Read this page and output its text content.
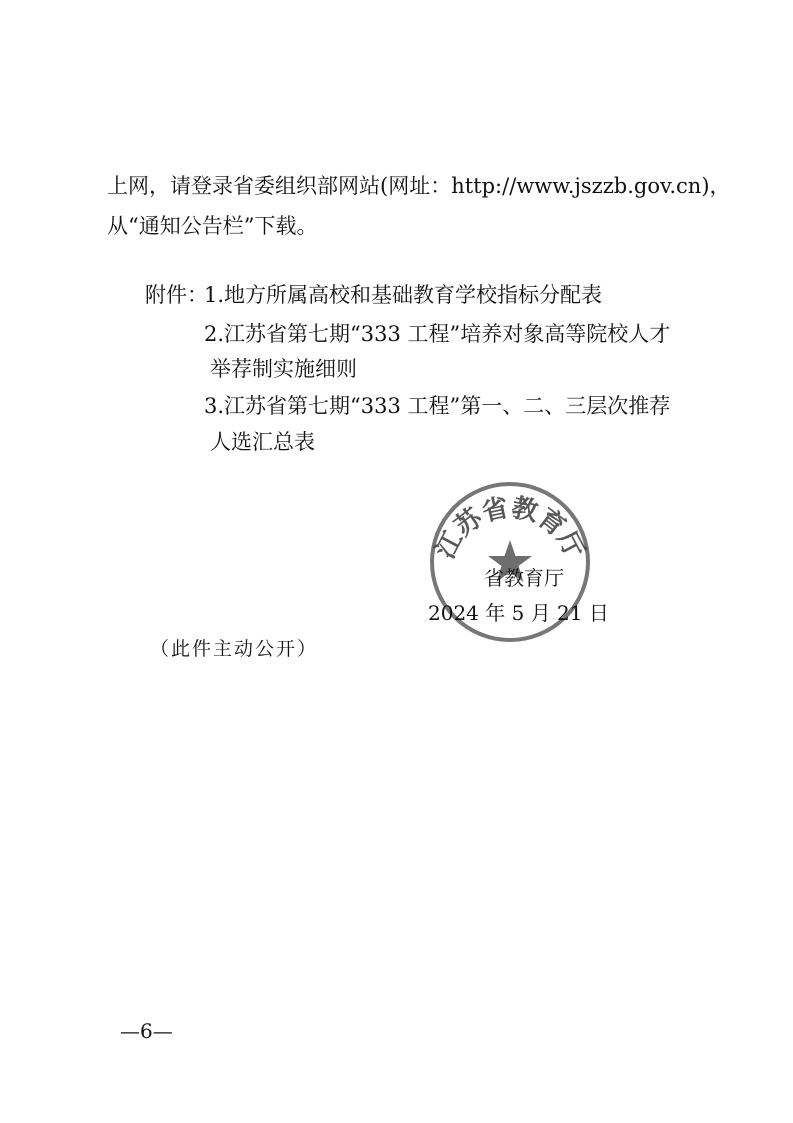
上网，请登录省委组织部网站(网址：http://www.jszzb.gov.cn)，
从“通知公告栏”下载。
附件：
1.地方所属高校和基础教育学校指标分配表
2.江苏省第七期“333 工程”培养对象高等院校人才
举荐制实施细则
3.江苏省第七期“333 工程”第一、二、三层次推荐
人选汇总表
江苏省教育厅
省教育厅
2024 年 5 月 21 日
（此件主动公开）
—6—
